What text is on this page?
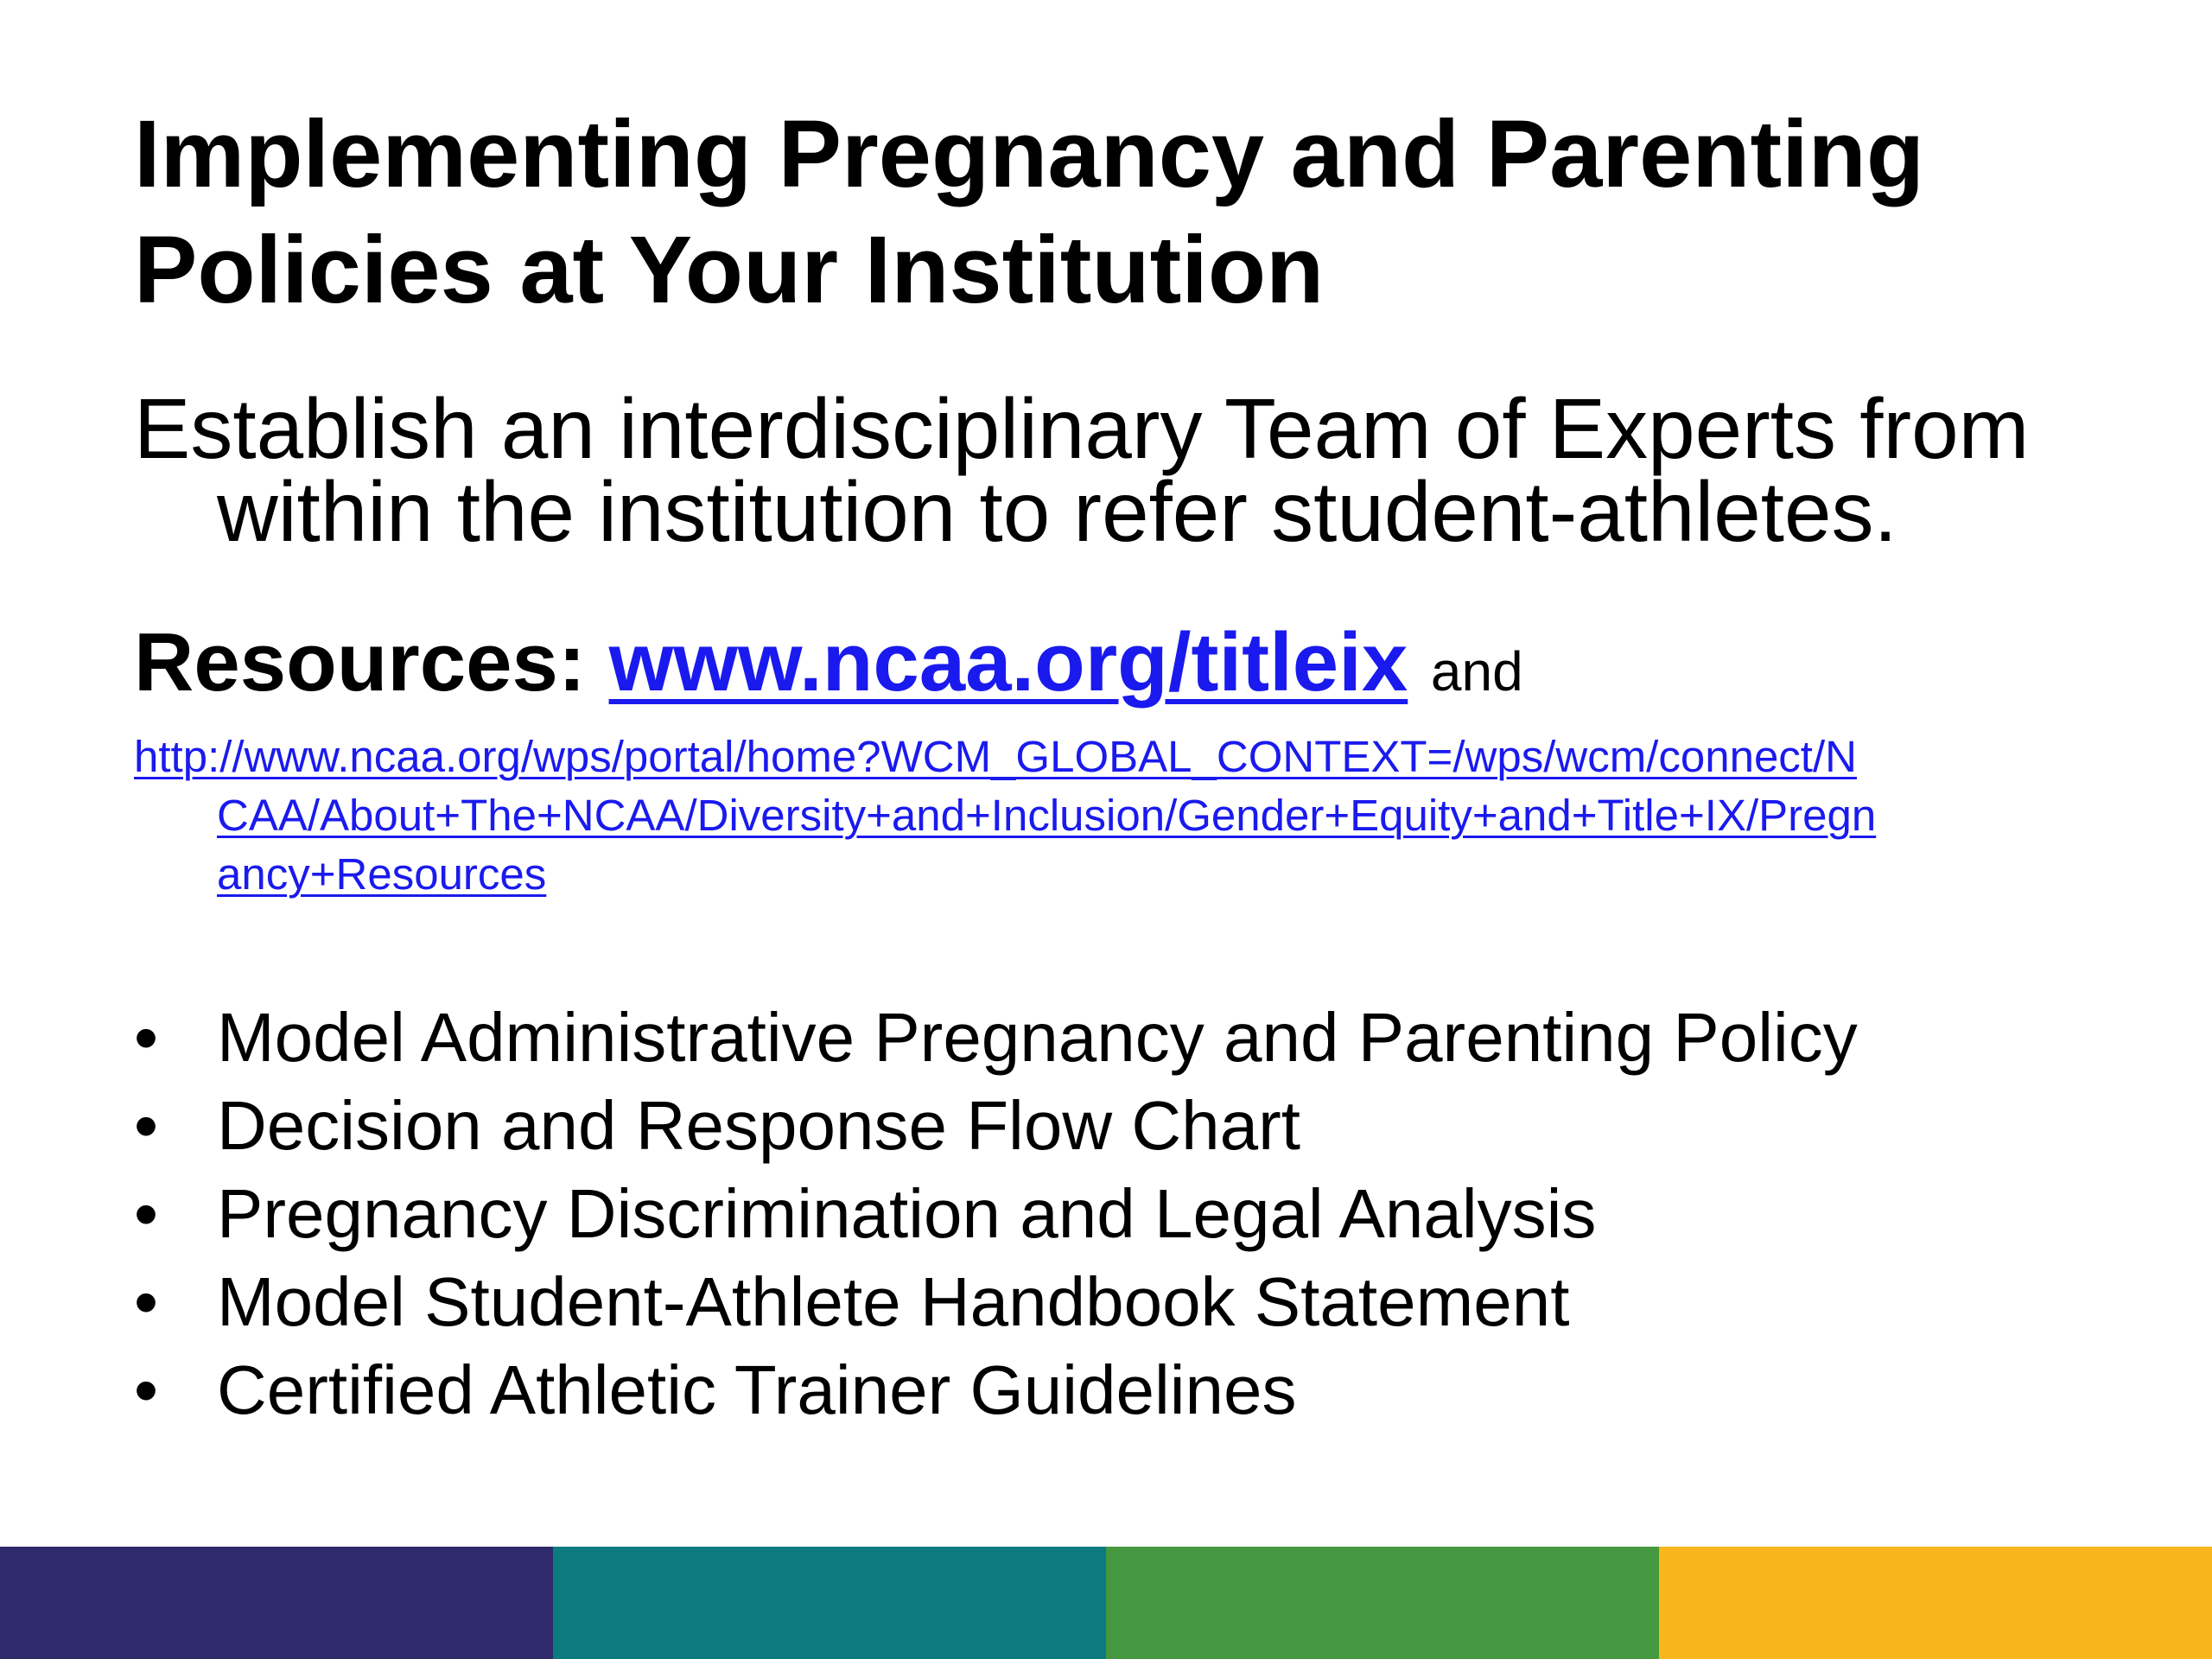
Implementing Pregnancy and Parenting
Policies at Your Institution

Establish an interdisciplinary Team of Experts from
within the institution to refer student-athletes.

Resources: www.ncaa.org/titleix and

http://www.ncaa.org/wps/portal/home?WCM_GLOBAL_CONTEXT=/wps/wcm/connect/N
CAA/About+The+NCAA/Diversity+and+Inclusion/Gender+Equity+and+Title+IX/Pregn
ancy+Resources
• Model Administrative Pregnancy and Parenting Policy
• Decision and Response Flow Chart
• Pregnancy Discrimination and Legal Analysis
• Model Student-Athlete Handbook Statement
• Certified Athletic Trainer Guidelines
